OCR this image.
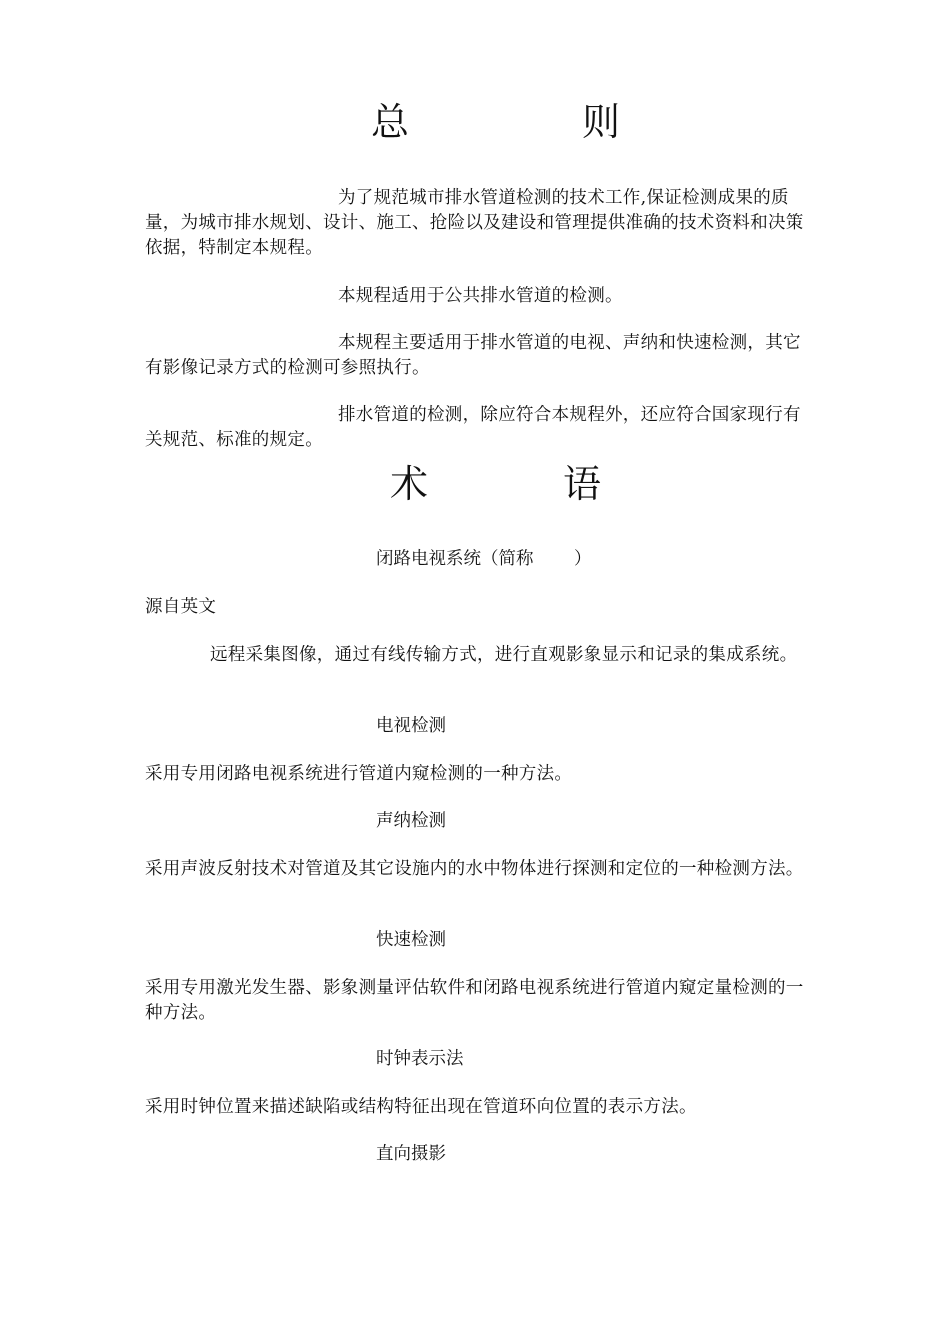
总	则
为了规范城市排水管道检测的技术工作,保证检测成果的质量，为城市排水规划、设计、施工、抢险以及建设和管理提供准确的技术资料和决策依据，特制定本规程。
本规程适用于公共排水管道的检测。
本规程主要适用于排水管道的电视、声纳和快速检测，其它有影像记录方式的检测可参照执行。
排水管道的检测，除应符合本规程外，还应符合国家现行有关规范、标准的规定。
术	语
闭路电视系统（简称 　　）
源自英文
远程采集图像，通过有线传输方式，进行直观影象显示和记录的集成系统。
电视检测
采用专用闭路电视系统进行管道内窥检测的一种方法。
声纳检测
采用声波反射技术对管道及其它设施内的水中物体进行探测和定位的一种检测方法。
快速检测
采用专用激光发生器、影象测量评估软件和闭路电视系统进行管道内窥定量检测的一种方法。
时钟表示法
采用时钟位置来描述缺陷或结构特征出现在管道环向位置的表示方法。
直向摄影
